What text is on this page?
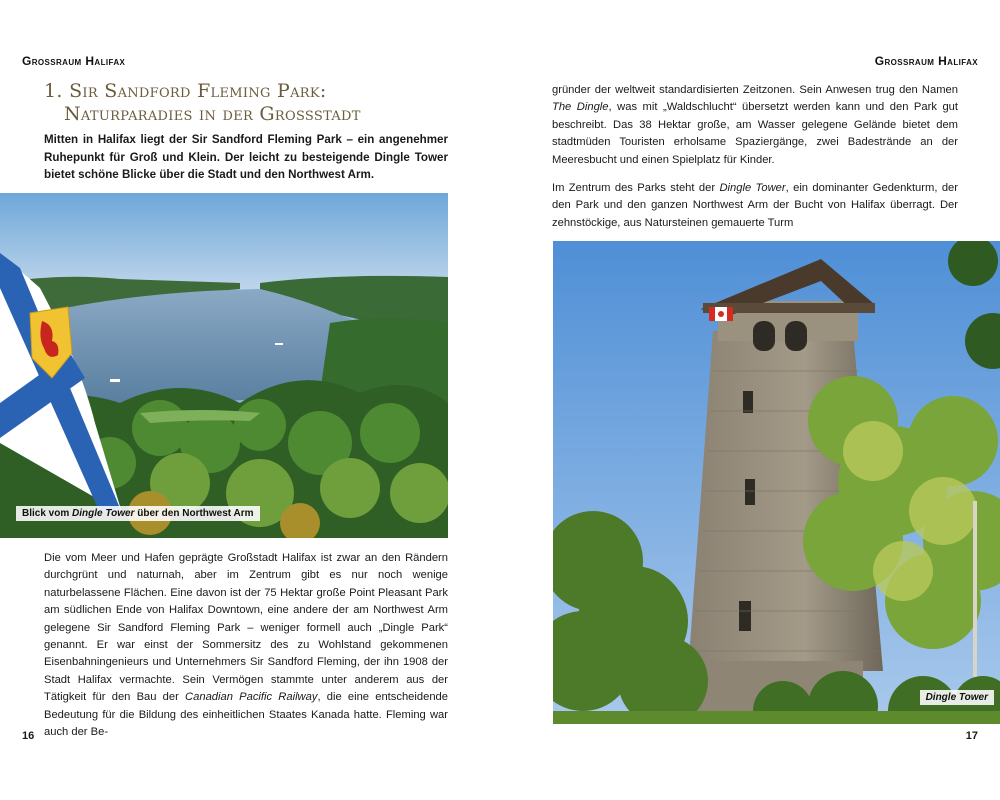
Grossraum Halifax
1. Sir Sandford Fleming Park:
Naturparadies in der Grossstadt

Mitten in Halifax liegt der Sir Sandford Fleming Park – ein angenehmer Ruhepunkt für Groß und Klein. Der leicht zu besteigende Dingle Tower bietet schöne Blicke über die Stadt und den Northwest Arm.

Blick vom Dingle Tower über den Northwest Arm

Die vom Meer und Hafen geprägte Großstadt Halifax ist zwar an den Rändern durchgrünt und naturnah, aber im Zentrum gibt es nur noch wenige naturbelassene Flächen. Eine davon ist der 75 Hektar große Point Pleasant Park am südlichen Ende von Halifax Downtown, eine andere der am Northwest Arm gelegene Sir Sandford Fleming Park – weniger formell auch „Dingle Park“ genannt. Er war einst der Sommersitz des zu Wohlstand gekommenen Eisenbahningenieurs und Unternehmers Sir Sandford Fleming, der ihn 1908 der Stadt Halifax vermachte. Sein Vermögen stammte unter anderem aus der Tätigkeit für den Bau der Canadian Pacific Railway, die eine entscheidende Bedeutung für die Bildung des einheitlichen Staates Kanada hatte. Fleming war auch der Be-

16
Grossraum Halifax

gründer der weltweit standardisierten Zeitzonen. Sein Anwesen trug den Namen The Dingle, was mit „Waldschlucht“ übersetzt werden kann und den Park gut beschreibt. Das 38 Hektar große, am Wasser gelegene Gelände bietet dem stadtmüden Touristen erholsame Spaziergänge, zwei Badestrände an der Meeresbucht und einen Spielplatz für Kinder.

Im Zentrum des Parks steht der Dingle Tower, ein dominanter Gedenkturm, der den Park und den ganzen Northwest Arm der Bucht von Halifax überragt. Der zehnstöckige, aus Natursteinen gemauerte Turm

Dingle Tower
17
